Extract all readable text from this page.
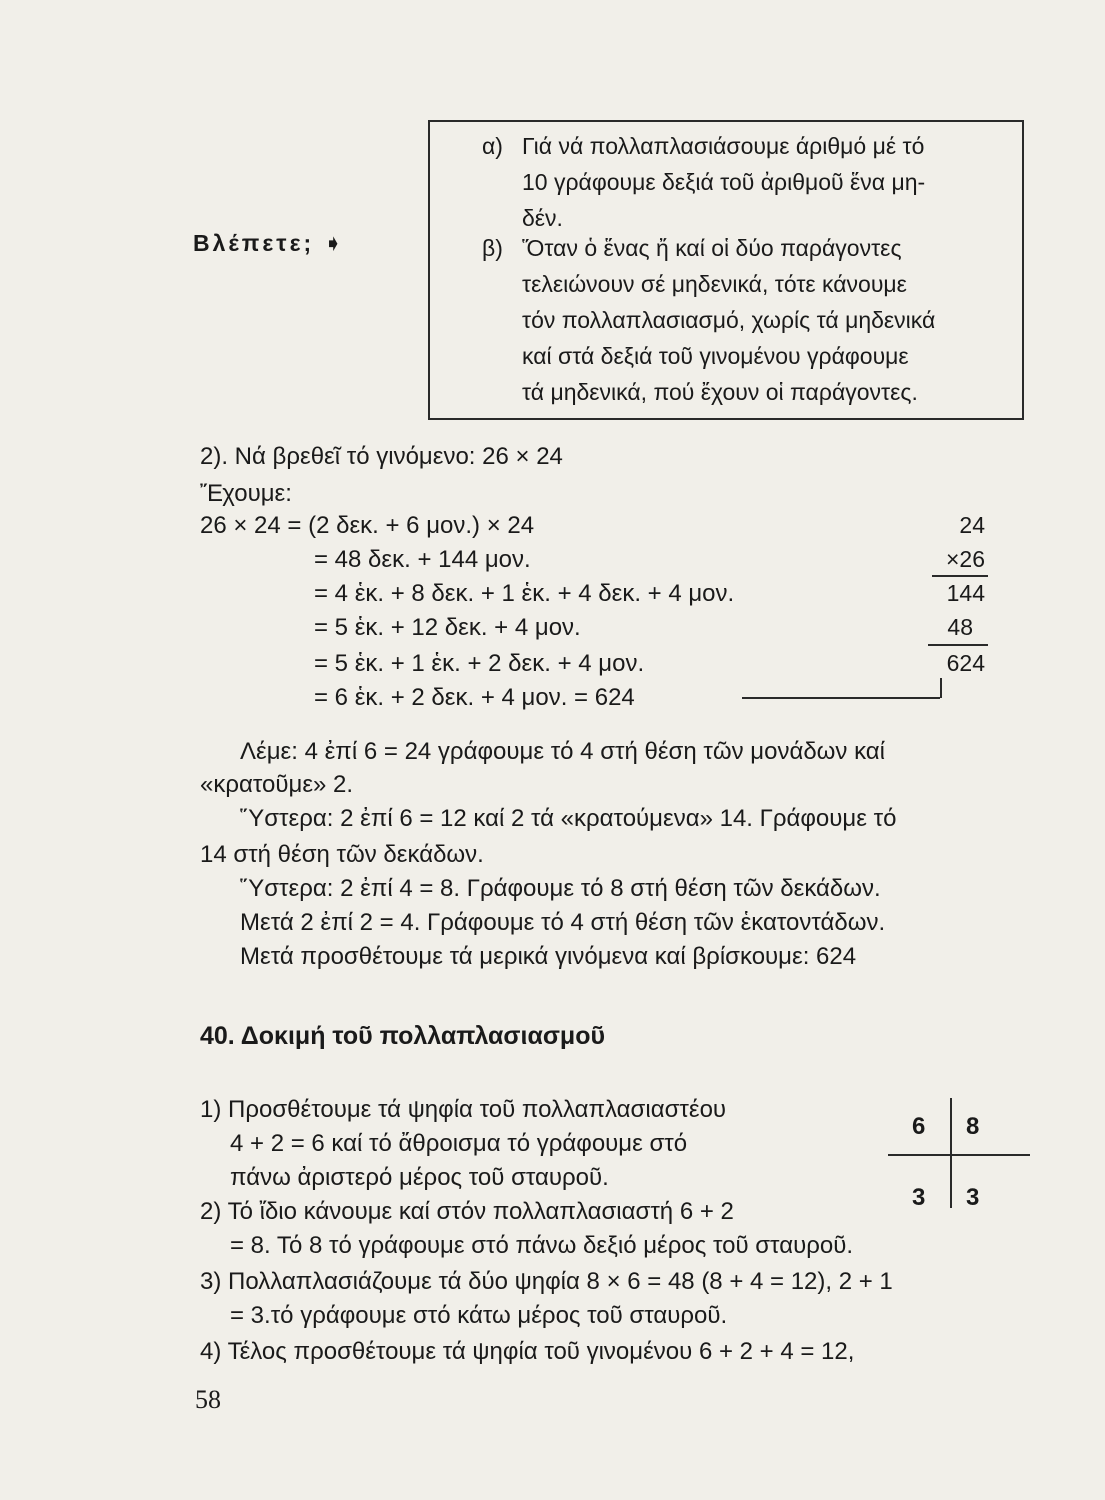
Βλέπετε; ➧
α) Γιά νά πολλαπλασιάσουμε άριθμό μέ τό
10 γράφουμε δεξιά τοῦ ἀριθμοῦ ἕνα μη-
δέν.
β) Ὅταν ὁ ἕνας ἤ καί οἱ δύο παράγοντες
τελειώνουν σέ μηδενικά, τότε κάνουμε
τόν πολλαπλασιασμό, χωρίς τά μηδενικά
καί στά δεξιά τοῦ γινομένου γράφουμε
τά μηδενικά, πού ἔχουν οἱ παράγοντες.
2). Νά βρεθεῖ τό γινόμενο: 26 × 24
Ἔχουμε:
26 × 24 = (2 δεκ. + 6 μον.) × 24
= 48 δεκ. + 144 μον.
= 4 ἑκ. + 8 δεκ. + 1 ἑκ. + 4 δεκ. + 4 μον.
= 5 ἑκ. + 12 δεκ. + 4 μον.
= 5 ἑκ. + 1 ἑκ. + 2 δεκ. + 4 μον.
= 6 ἑκ. + 2 δεκ. + 4 μον. = 624
24
×26
144
48
624
Λέμε: 4 ἐπί 6 = 24 γράφουμε τό 4 στή θέση τῶν μονάδων καί
«κρατοῦμε» 2.
Ὕστερα: 2 ἐπί 6 = 12 καί 2 τά «κρατούμενα» 14. Γράφουμε τό
14 στή θέση τῶν δεκάδων.
Ὕστερα: 2 ἐπί 4 = 8. Γράφουμε τό 8 στή θέση τῶν δεκάδων.
Μετά 2 ἐπί 2 = 4. Γράφουμε τό 4 στή θέση τῶν ἑκατοντάδων.
Μετά προσθέτουμε τά μερικά γινόμενα καί βρίσκουμε: 624
40. Δοκιμή τοῦ πολλαπλασιασμοῦ
1) Προσθέτουμε τά ψηφία τοῦ πολλαπλασιαστέου
4 + 2 = 6 καί τό ἄθροισμα τό γράφουμε στό
πάνω ἀριστερό μέρος τοῦ σταυροῦ.
2) Τό ἴδιο κάνουμε καί στόν πολλαπλασιαστή 6 + 2
= 8. Τό 8 τό γράφουμε στό πάνω δεξιό μέρος τοῦ σταυροῦ.
3) Πολλαπλασιάζουμε τά δύο ψηφία 8 × 6 = 48 (8 + 4 = 12), 2 + 1
= 3.τό γράφουμε στό κάτω μέρος τοῦ σταυροῦ.
4) Τέλος προσθέτουμε τά ψηφία τοῦ γινομένου 6 + 2 + 4 = 12,
6 8
3 3
58
